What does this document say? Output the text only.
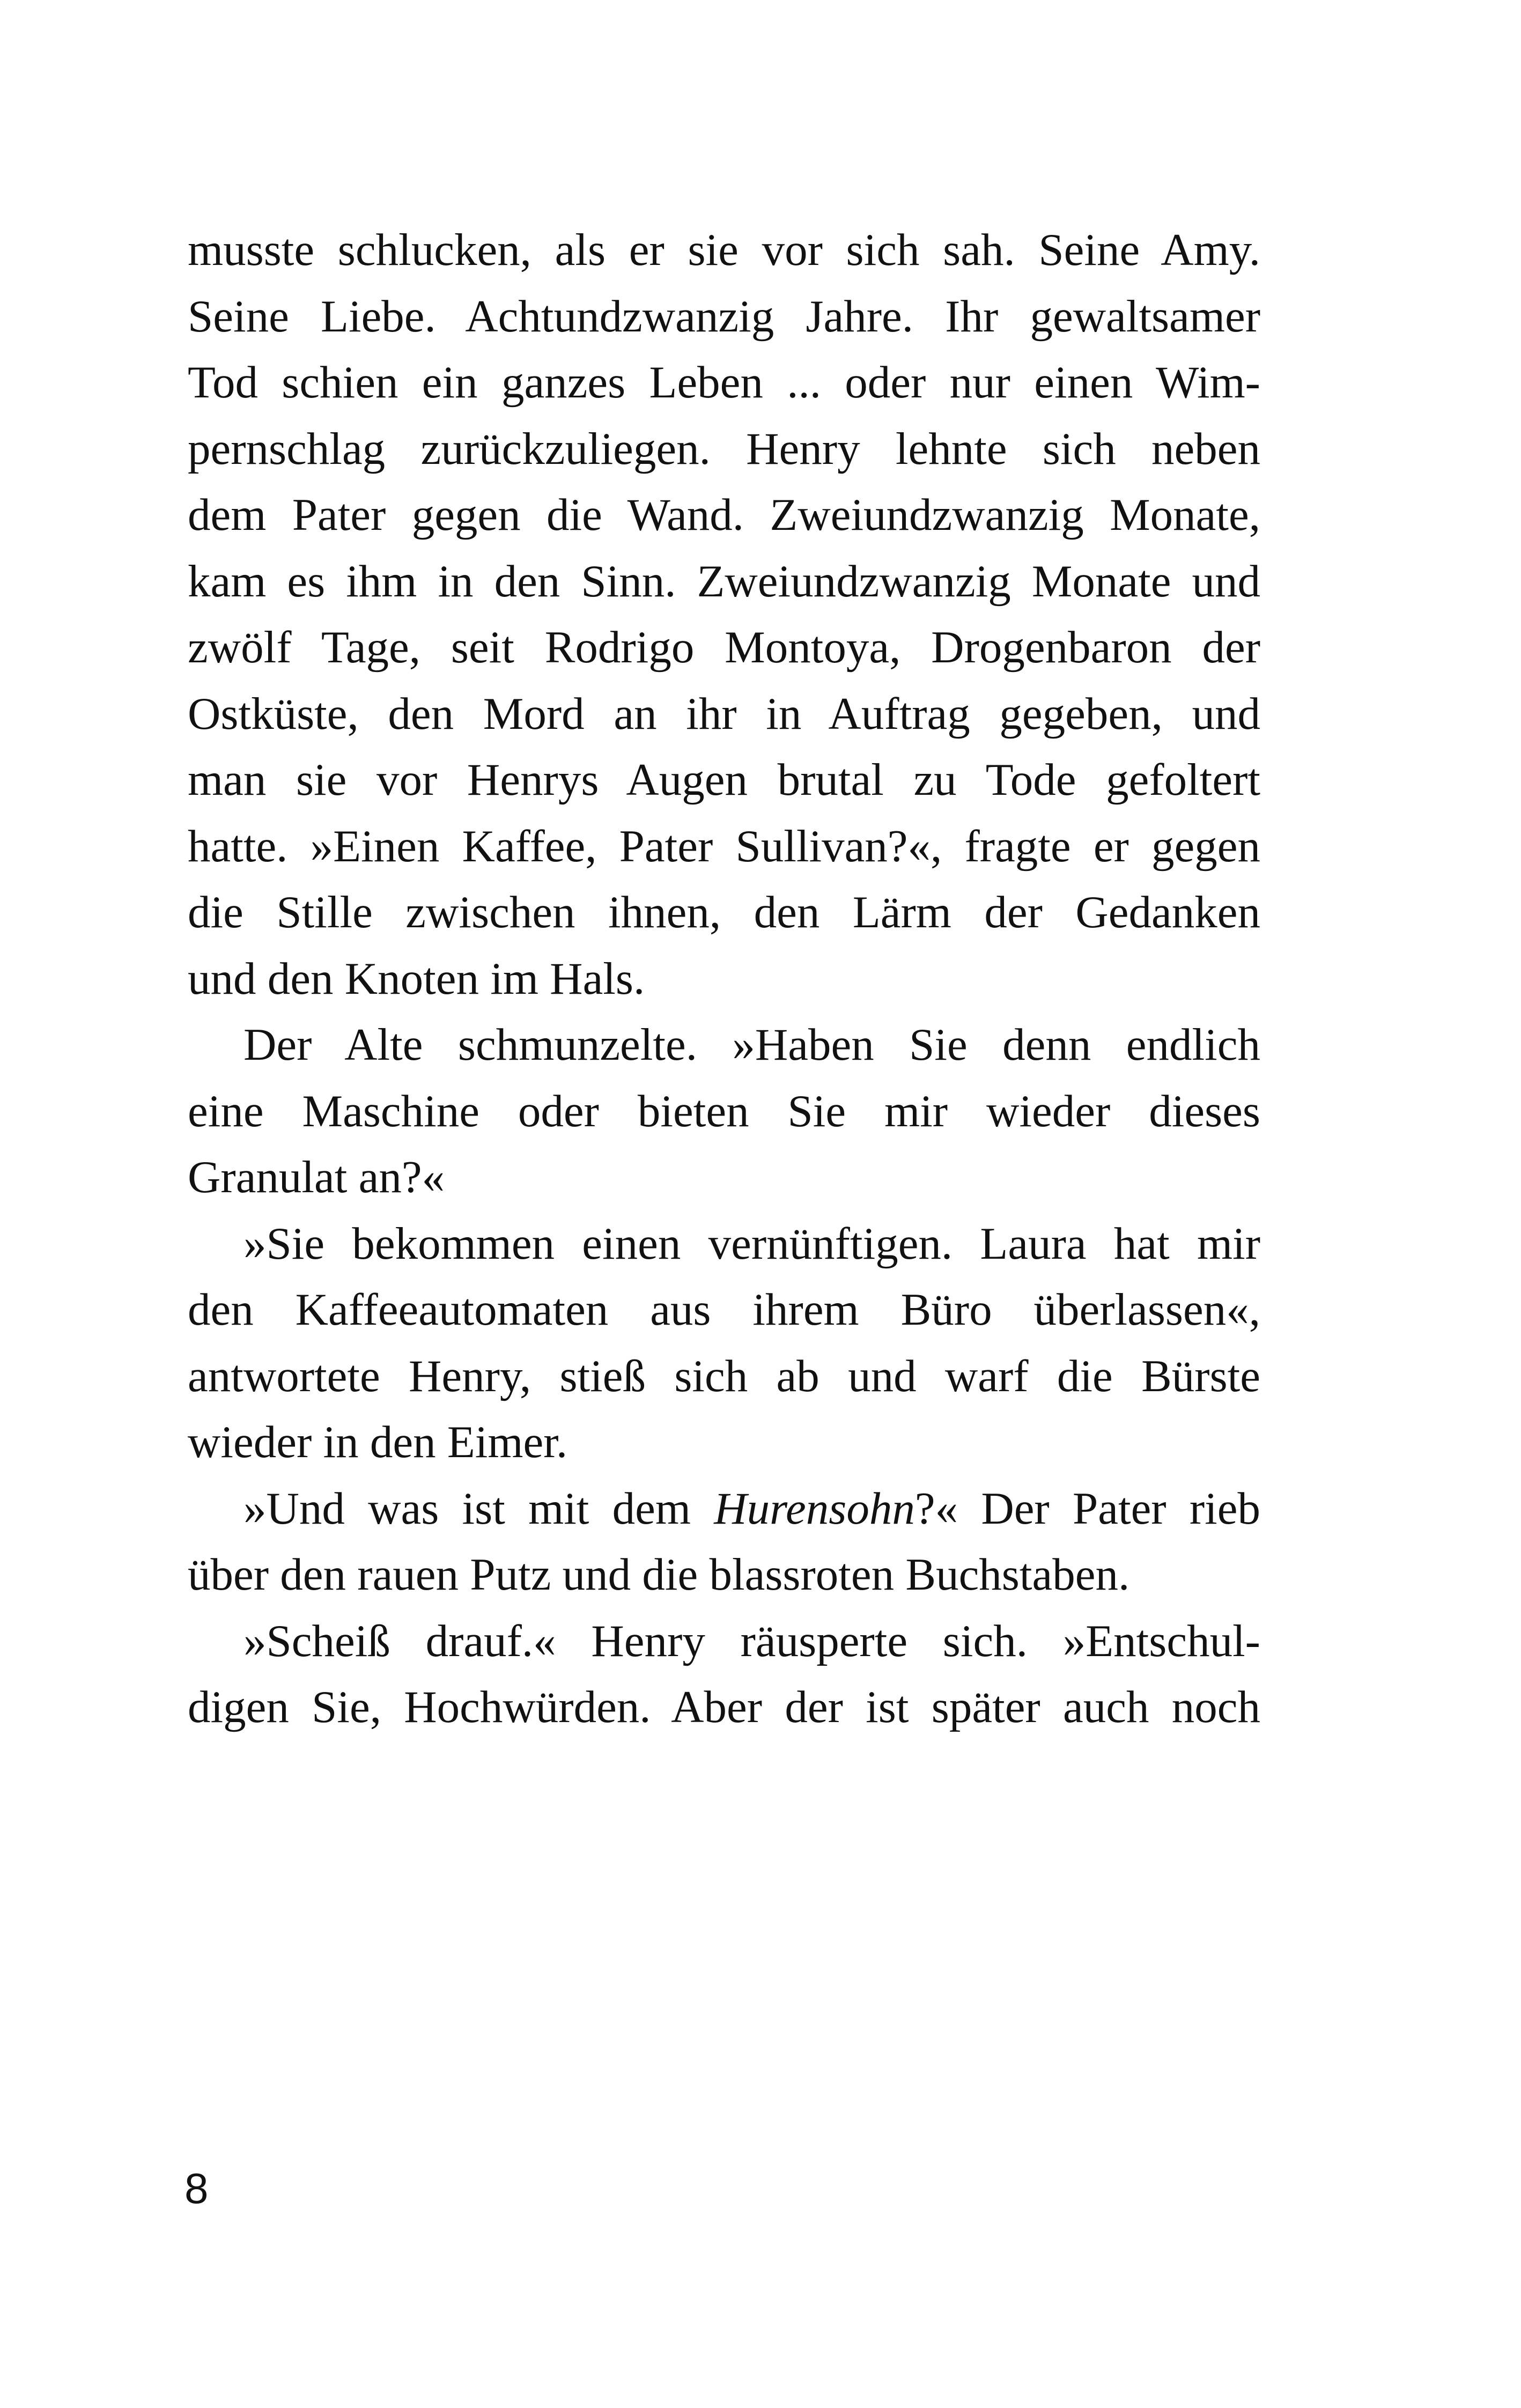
musste schlucken, als er sie vor sich sah. Seine Amy.
Seine Liebe. Achtundzwanzig Jahre. Ihr gewaltsamer
Tod schien ein ganzes Leben ... oder nur einen Wim-
pernschlag zurückzuliegen. Henry lehnte sich neben
dem Pater gegen die Wand. Zweiundzwanzig Monate,
kam es ihm in den Sinn. Zweiundzwanzig Monate und
zwölf Tage, seit Rodrigo Montoya, Drogenbaron der
Ostküste, den Mord an ihr in Auftrag gegeben, und
man sie vor Henrys Augen brutal zu Tode gefoltert
hatte. »Einen Kaffee, Pater Sullivan?«, fragte er gegen
die Stille zwischen ihnen, den Lärm der Gedanken
und den Knoten im Hals.
Der Alte schmunzelte. »Haben Sie denn endlich
eine Maschine oder bieten Sie mir wieder dieses
Granulat an?«
»Sie bekommen einen vernünftigen. Laura hat mir
den Kaffeeautomaten aus ihrem Büro überlassen«,
antwortete Henry, stieß sich ab und warf die Bürste
wieder in den Eimer.
»Und was ist mit dem Hurensohn?« Der Pater rieb
über den rauen Putz und die blassroten Buchstaben.
»Scheiß drauf.« Henry räusperte sich. »Entschul-
digen Sie, Hochwürden. Aber der ist später auch noch
8
